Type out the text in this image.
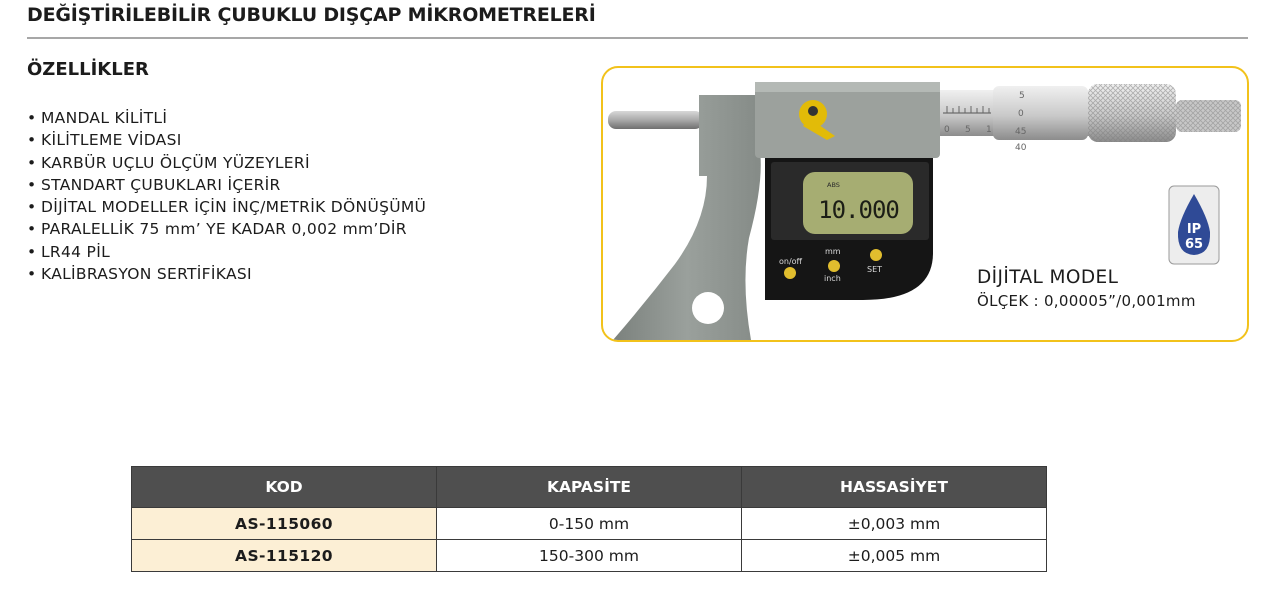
DEĞİŞTİRİLEBİLİR ÇUBUKLU DIŞÇAP MİKROMETRELERİ
ÖZELLİKLER
• MANDAL KİLİTLİ
• KİLİTLEME VİDASI
• KARBÜR UÇLU ÖLÇÜM YÜZEYLERİ
• STANDART ÇUBUKLARI İÇERİR
• DİJİTAL MODELLER İÇİN İNÇ/METRİK DÖNÜŞÜMÜ
• PARALELLİK 75 mm’ YE KADAR 0,002 mm’DİR
• LR44 PİL
• KALİBRASYON SERTİFİKASI
5
0
45
40
0 5 1
IP
65
ABS
10.000
on/off
mm
inch
SET	DİJİTAL MODEL
ÖLÇEK : 0,00005”/0,001mm
KOD	KAPASİTE	HASSASİYET
AS-115060	0-150 mm	±0,003 mm
AS-115120	150-300 mm	±0,005 mm
